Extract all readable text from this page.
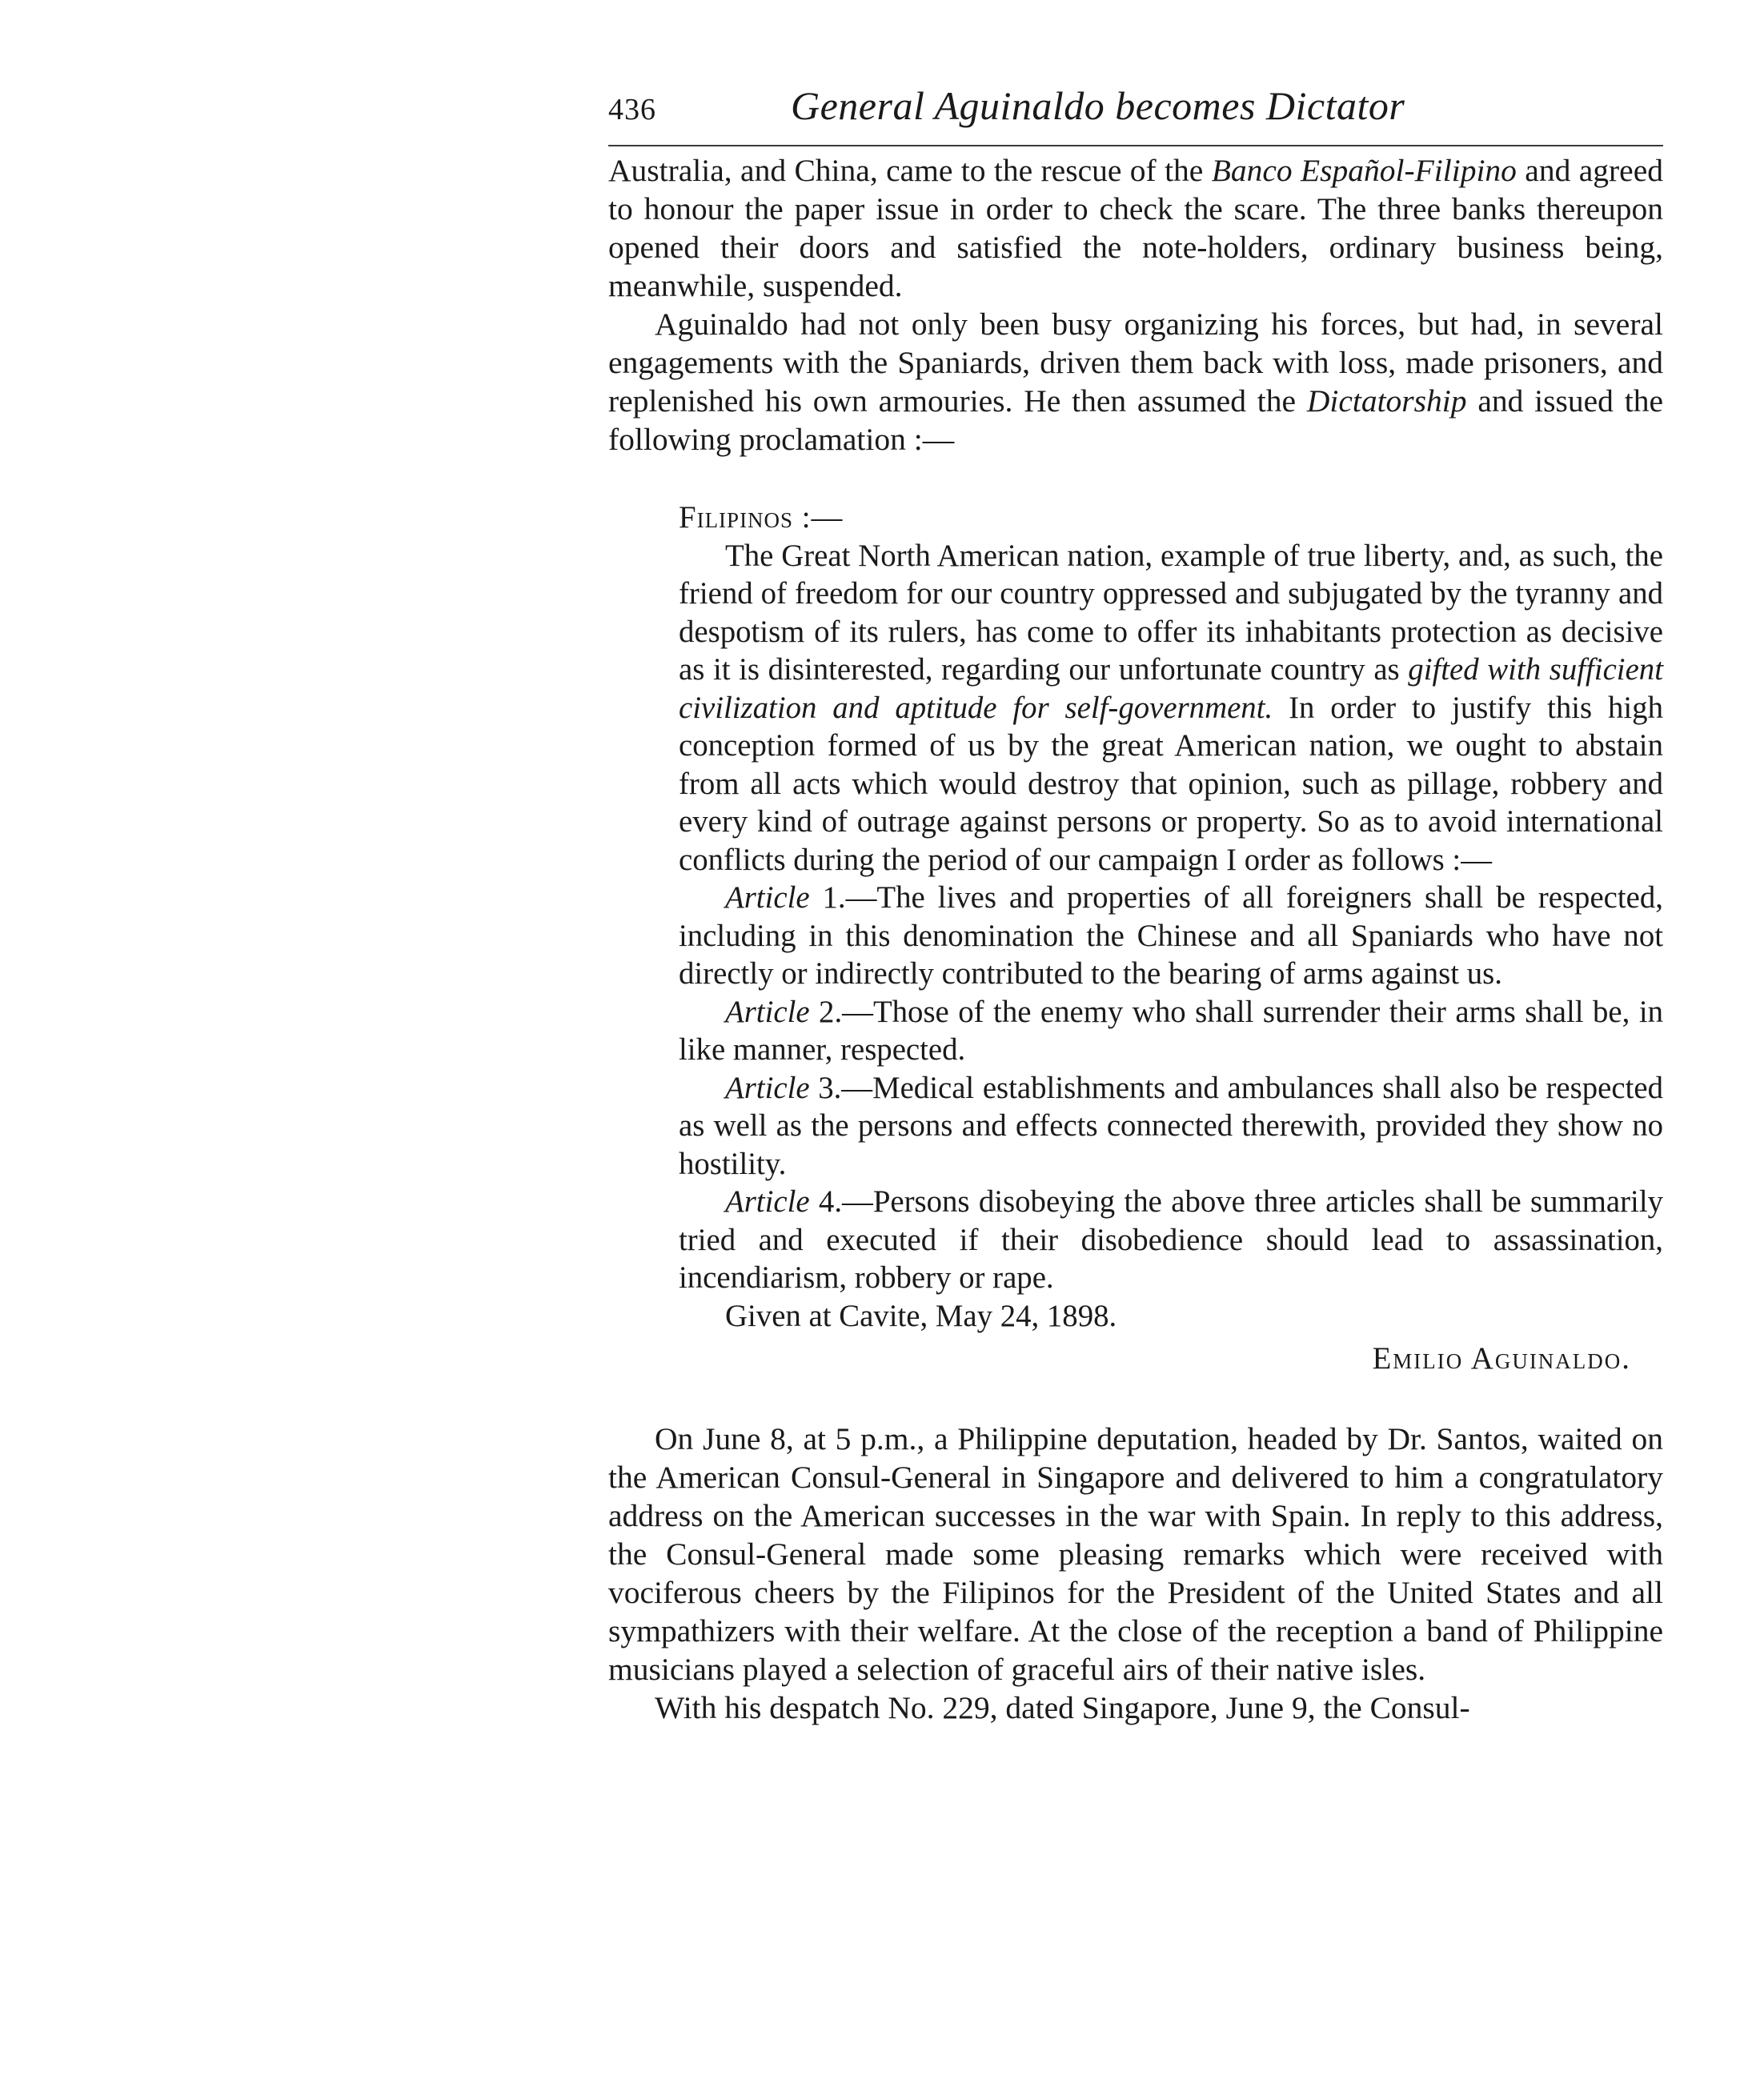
436	General Aguinaldo becomes Dictator

Australia, and China, came to the rescue of the Banco Español-Filipino and agreed to honour the paper issue in order to check the scare. The three banks thereupon opened their doors and satisfied the note-holders, ordinary business being, meanwhile, suspended.

Aguinaldo had not only been busy organizing his forces, but had, in several engagements with the Spaniards, driven them back with loss, made prisoners, and replenished his own armouries. He then assumed the Dictatorship and issued the following proclamation :—

Filipinos :—

The Great North American nation, example of true liberty, and, as such, the friend of freedom for our country oppressed and subjugated by the tyranny and despotism of its rulers, has come to offer its inhabitants protection as decisive as it is disinterested, regarding our unfortunate country as gifted with sufficient civilization and aptitude for self-government. In order to justify this high conception formed of us by the great American nation, we ought to abstain from all acts which would destroy that opinion, such as pillage, robbery and every kind of outrage against persons or property. So as to avoid international conflicts during the period of our campaign I order as follows :—

Article 1.—The lives and properties of all foreigners shall be respected, including in this denomination the Chinese and all Spaniards who have not directly or indirectly contributed to the bearing of arms against us.

Article 2.—Those of the enemy who shall surrender their arms shall be, in like manner, respected.

Article 3.—Medical establishments and ambulances shall also be respected as well as the persons and effects connected therewith, provided they show no hostility.

Article 4.—Persons disobeying the above three articles shall be summarily tried and executed if their disobedience should lead to assassination, incendiarism, robbery or rape.

Given at Cavite, May 24, 1898.

Emilio Aguinaldo.

On June 8, at 5 p.m., a Philippine deputation, headed by Dr. Santos, waited on the American Consul-General in Singapore and delivered to him a congratulatory address on the American successes in the war with Spain. In reply to this address, the Consul-General made some pleasing remarks which were received with vociferous cheers by the Filipinos for the President of the United States and all sympathizers with their welfare. At the close of the reception a band of Philippine musicians played a selection of graceful airs of their native isles.

With his despatch No. 229, dated Singapore, June 9, the Consul-
